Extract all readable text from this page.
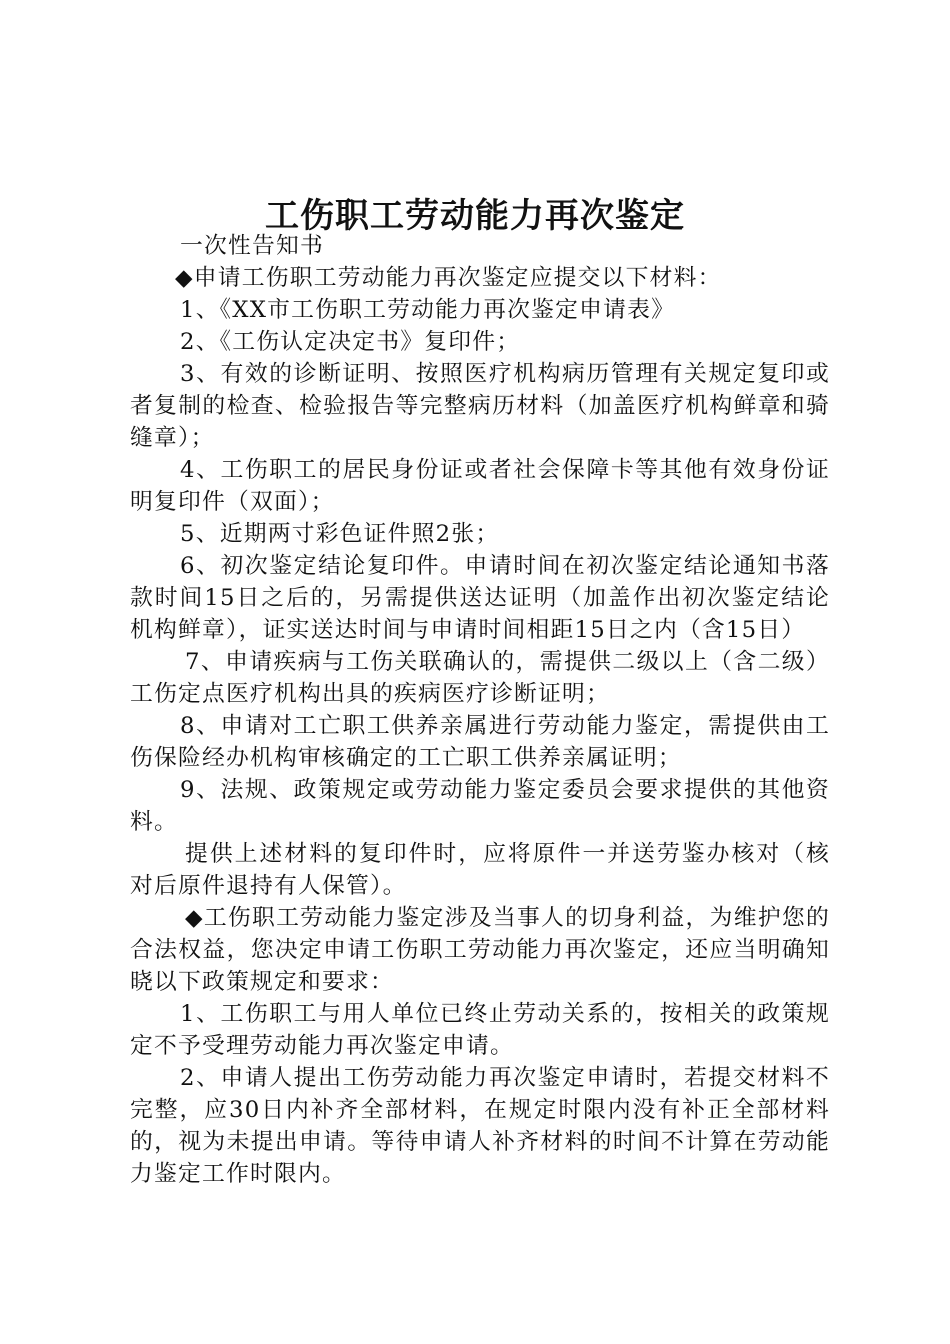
工伤职工劳动能力再次鉴定

一次性告知书

◆申请工伤职工劳动能力再次鉴定应提交以下材料：

1、《XX市工伤职工劳动能力再次鉴定申请表》

2、《工伤认定决定书》复印件；

3、有效的诊断证明、按照医疗机构病历管理有关规定复印或者复制的检查、检验报告等完整病历材料（加盖医疗机构鲜章和骑缝章）；

4、工伤职工的居民身份证或者社会保障卡等其他有效身份证明复印件（双面）；

5、近期两寸彩色证件照2张；

6、初次鉴定结论复印件。申请时间在初次鉴定结论通知书落款时间15日之后的，另需提供送达证明（加盖作出初次鉴定结论机构鲜章），证实送达时间与申请时间相距15日之内（含15日）

7、申请疾病与工伤关联确认的，需提供二级以上（含二级）工伤定点医疗机构出具的疾病医疗诊断证明；

8、申请对工亡职工供养亲属进行劳动能力鉴定，需提供由工伤保险经办机构审核确定的工亡职工供养亲属证明；

9、法规、政策规定或劳动能力鉴定委员会要求提供的其他资料。

提供上述材料的复印件时，应将原件一并送劳鉴办核对（核对后原件退持有人保管）。

◆工伤职工劳动能力鉴定涉及当事人的切身利益，为维护您的合法权益，您决定申请工伤职工劳动能力再次鉴定，还应当明确知晓以下政策规定和要求：

1、工伤职工与用人单位已终止劳动关系的，按相关的政策规定不予受理劳动能力再次鉴定申请。

2、申请人提出工伤劳动能力再次鉴定申请时，若提交材料不完整，应30日内补齐全部材料，在规定时限内没有补正全部材料的，视为未提出申请。等待申请人补齐材料的时间不计算在劳动能力鉴定工作时限内。
